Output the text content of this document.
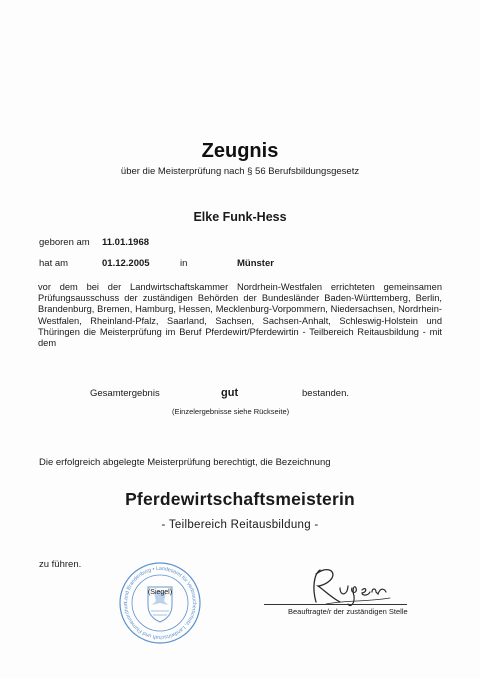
Zeugnis
über die Meisterprüfung nach § 56 Berufsbildungsgesetz
Elke Funk-Hess
geboren am 11.01.1968
hat am	01.12.2005	in	Münster
vor dem bei der Landwirtschaftskammer Nordrhein-Westfalen errichteten gemeinsamen Prüfungsausschuss der zuständigen Behörden der Bundesländer Baden-Württemberg, Berlin, Brandenburg, Bremen, Hamburg, Hessen, Mecklenburg-Vorpommern, Niedersachsen, Nordrhein-Westfalen, Rheinland-Pfalz, Saarland, Sachsen, Sachsen-Anhalt, Schleswig-Holstein und Thüringen die Meisterprüfung im Beruf Pferdewirt/Pferdewirtin - Teilbereich Reitausbildung - mit dem
Gesamtergebnis	gut	bestanden.
(Einzelergebnisse siehe Rückseite)
Die erfolgreich abgelegte Meisterprüfung berechtigt, die Bezeichnung
Pferdewirtschaftsmeisterin
- Teilbereich Reitausbildung -
zu führen.
Land Brandenburg • Landesamt für Verbraucherschutz, Landwirtschaft und Flurneuordnun
(Siegel)
Beauftragte/r der zuständigen Stelle
